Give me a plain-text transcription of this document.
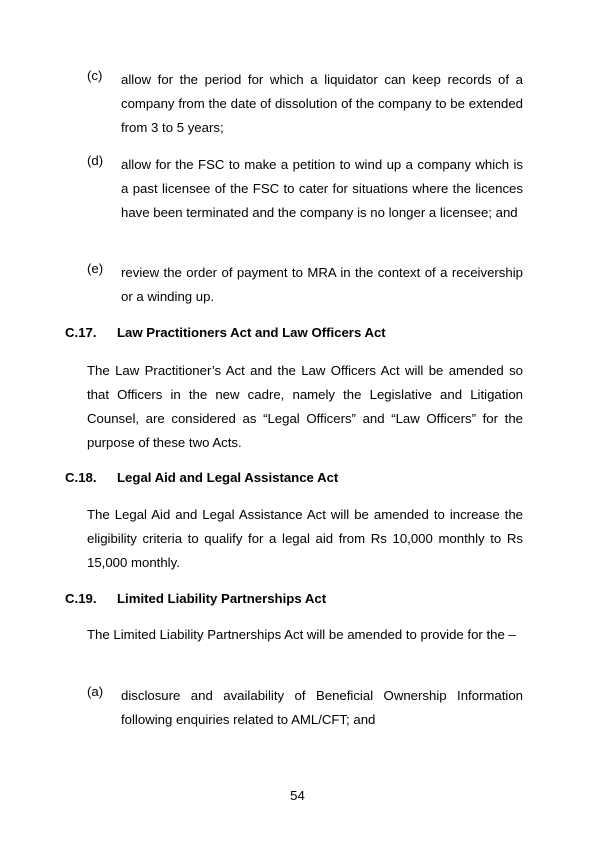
(c)	allow for the period for which a liquidator can keep records of a company from the date of dissolution of the company to be extended from 3 to 5 years;
(d)	allow for the FSC to make a petition to wind up a company which is a past licensee of the FSC to cater for situations where the licences have been terminated and the company is no longer a licensee; and
(e)	review the order of payment to MRA in the context of a receivership or a winding up.
C.17. Law Practitioners Act and Law Officers Act
The Law Practitioner’s Act and the Law Officers Act will be amended so that Officers in the new cadre, namely the Legislative and Litigation Counsel, are considered as “Legal Officers” and “Law Officers” for the purpose of these two Acts.
C.18. Legal Aid and Legal Assistance Act
The Legal Aid and Legal Assistance Act will be amended to increase the eligibility criteria to qualify for a legal aid from Rs 10,000 monthly to Rs 15,000 monthly.
C.19. Limited Liability Partnerships Act
The Limited Liability Partnerships Act will be amended to provide for the –
(a)	disclosure and availability of Beneficial Ownership Information following enquiries related to AML/CFT; and
54
